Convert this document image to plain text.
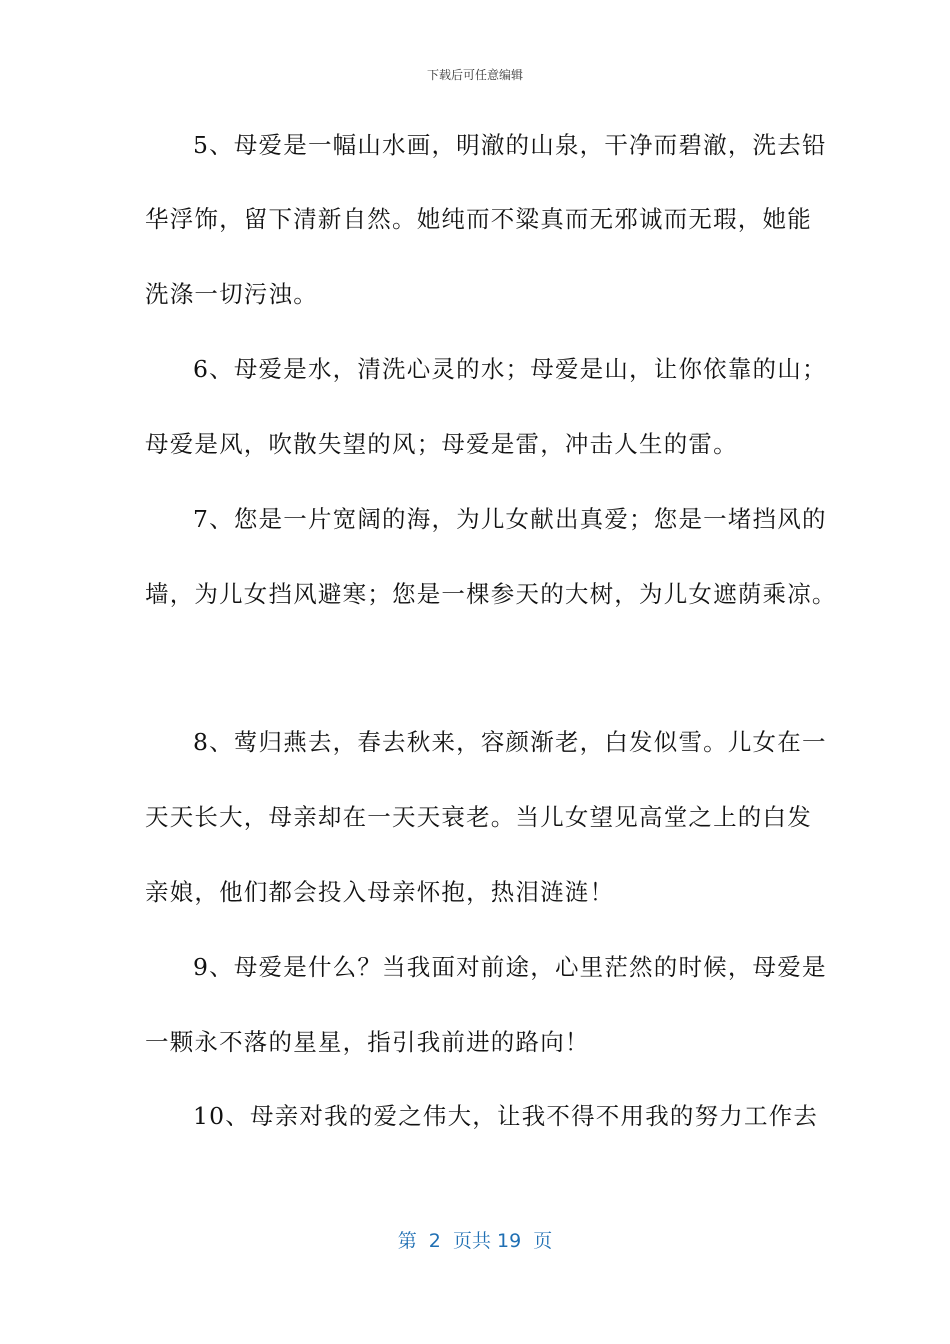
下载后可任意编辑
5、母爱是一幅山水画，明澈的山泉，干净而碧澈，洗去铅
华浮饰，留下清新自然。她纯而不粱真而无邪诚而无瑕，她能
洗涤一切污浊。
6、母爱是水，清洗心灵的水；母爱是山，让你依靠的山；
母爱是风，吹散失望的风；母爱是雷，冲击人生的雷。
7、您是一片宽阔的海，为儿女献出真爱；您是一堵挡风的
墙，为儿女挡风避寒；您是一棵参天的大树，为儿女遮荫乘凉。
8、莺归燕去，春去秋来，容颜渐老，白发似雪。儿女在一
天天长大，母亲却在一天天衰老。当儿女望见高堂之上的白发
亲娘，他们都会投入母亲怀抱，热泪涟涟！
9、母爱是什么？当我面对前途，心里茫然的时候，母爱是
一颗永不落的星星，指引我前进的路向！
10、母亲对我的爱之伟大，让我不得不用我的努力工作去
第  2  页共 19  页
